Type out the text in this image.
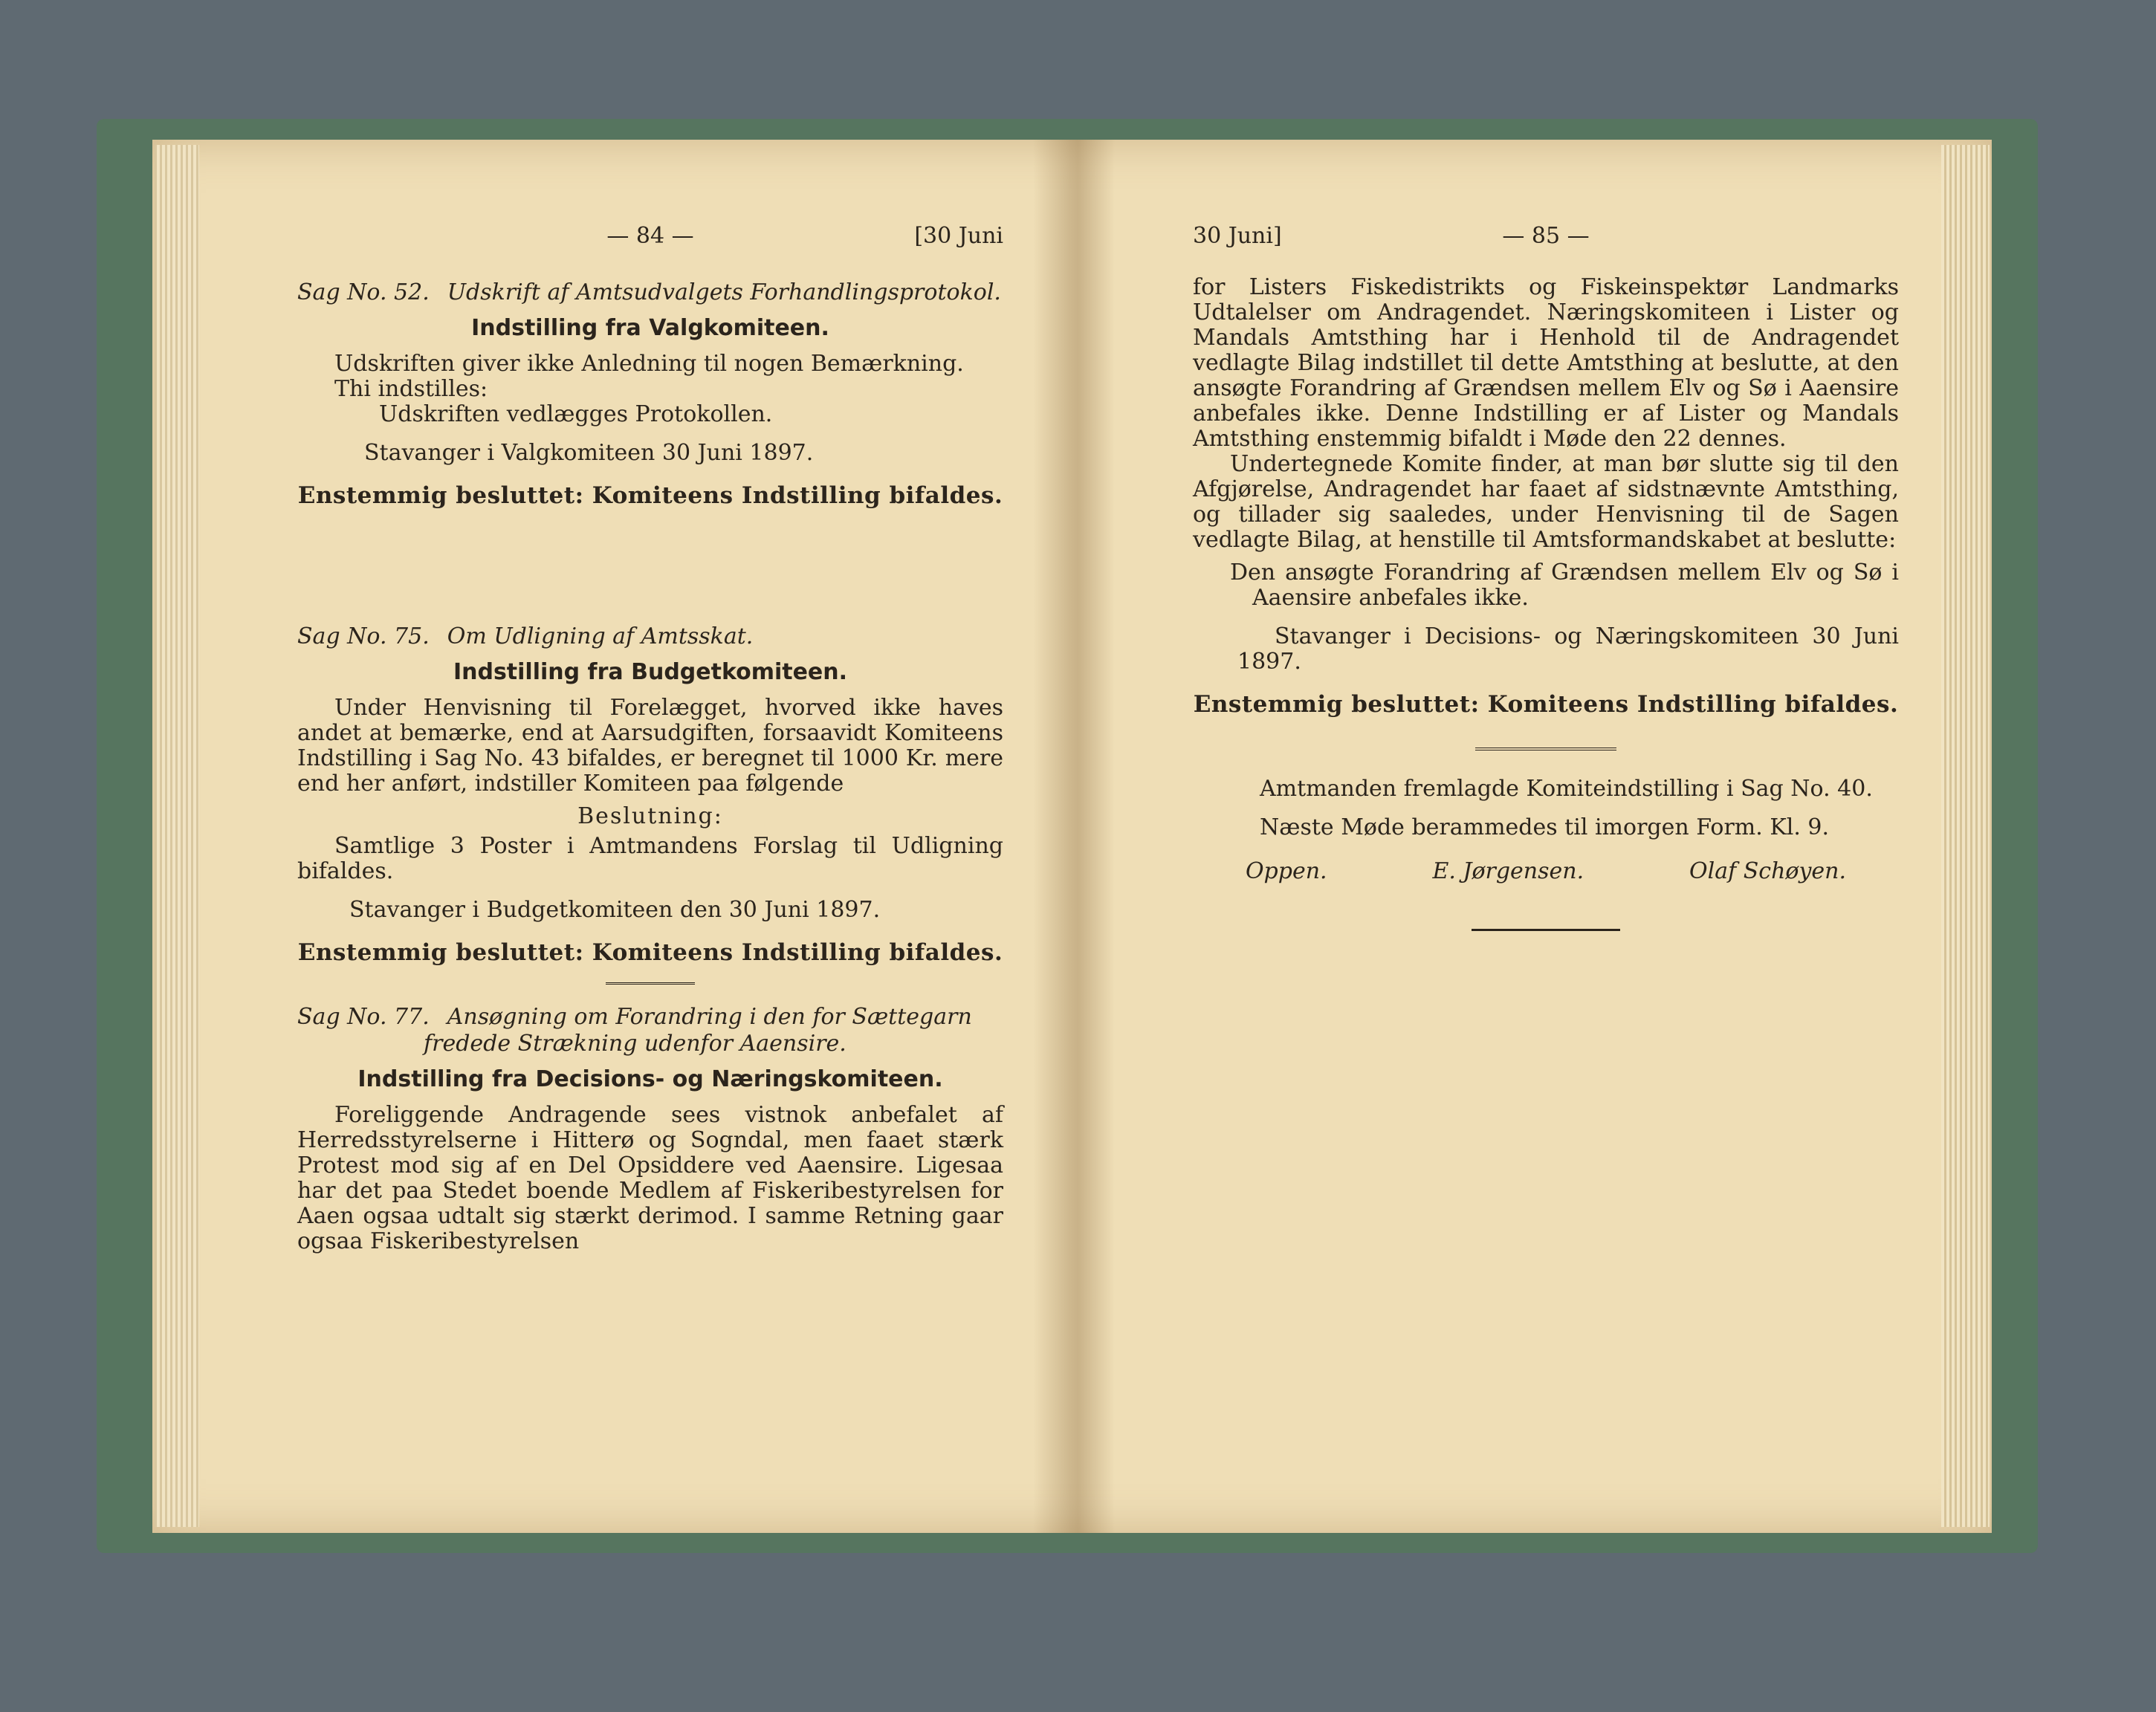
— 84 —	[30 Juni
Sag No. 52. Udskrift af Amtsudvalgets Forhandlingsprotokol.
Indstilling fra Valgkomiteen.

Udskriften giver ikke Anledning til nogen Bemærkning.

Thi indstilles:

Udskriften vedlægges Protokollen.

Stavanger i Valgkomiteen 30 Juni 1897.

Enstemmig besluttet: Komiteens Indstilling bifaldes.
Sag No. 75. Om Udligning af Amtsskat.
Indstilling fra Budgetkomiteen.

Under Henvisning til Forelægget, hvorved ikke haves andet at bemærke, end at Aarsudgiften, forsaavidt Komiteens Indstilling i Sag No. 43 bifaldes, er beregnet til 1000 Kr. mere end her anført, indstiller Komiteen paa følgende

Beslutning:

Samtlige 3 Poster i Amtmandens Forslag til Udligning bifaldes.

Stavanger i Budgetkomiteen den 30 Juni 1897.

Enstemmig besluttet: Komiteens Indstilling bifaldes.
Sag No. 77. Ansøgning om Forandring i den for Sættegarn fredede Strækning udenfor Aaensire.
Indstilling fra Decisions- og Næringskomiteen.

Foreliggende Andragende sees vistnok anbefalet af Herredsstyrelserne i Hitterø og Sogndal, men faaet stærk Protest mod sig af en Del Opsiddere ved Aaensire. Ligesaa har det paa Stedet boende Medlem af Fiskeribestyrelsen for Aaen ogsaa udtalt sig stærkt derimod. I samme Retning gaar ogsaa Fiskeribestyrelsen

30 Juni]	— 85 —

for Listers Fiskedistrikts og Fiskeinspektør Landmarks Udtalelser om Andragendet. Næringskomiteen i Lister og Mandals Amtsthing har i Henhold til de Andragendet vedlagte Bilag indstillet til dette Amtsthing at beslutte, at den ansøgte Forandring af Grændsen mellem Elv og Sø i Aaensire anbefales ikke. Denne Indstilling er af Lister og Mandals Amtsthing enstemmig bifaldt i Møde den 22 dennes.

Undertegnede Komite finder, at man bør slutte sig til den Afgjørelse, Andragendet har faaet af sidstnævnte Amtsthing, og tillader sig saaledes, under Henvisning til de Sagen vedlagte Bilag, at henstille til Amtsformandskabet at beslutte:

Den ansøgte Forandring af Grændsen mellem Elv og Sø i Aaensire anbefales ikke.

Stavanger i Decisions- og Næringskomiteen 30 Juni 1897.

Enstemmig besluttet: Komiteens Indstilling bifaldes.

Amtmanden fremlagde Komiteindstilling i Sag No. 40.

Næste Møde berammedes til imorgen Form. Kl. 9.

Oppen.	E. Jørgensen.	Olaf Schøyen.
